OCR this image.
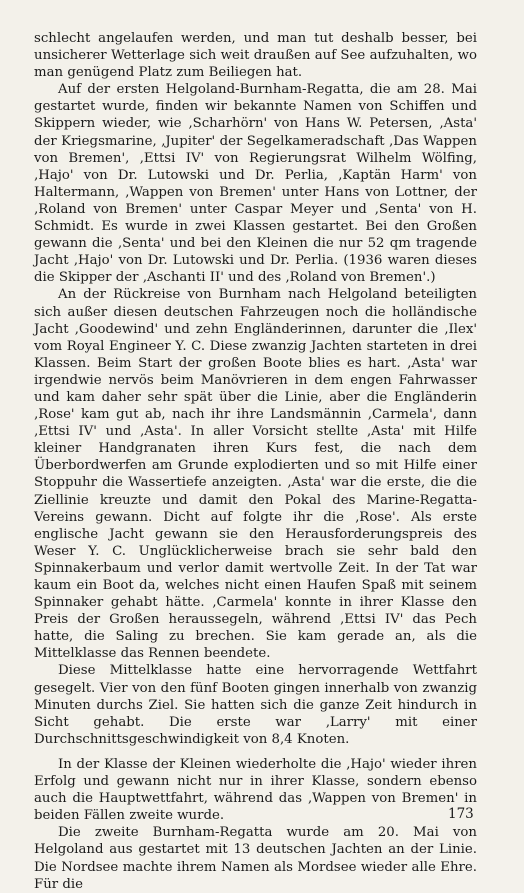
schlecht angelaufen werden, und man tut deshalb besser, bei unsicherer Wetterlage sich weit draußen auf See aufzuhalten, wo man genügend Platz zum Beiliegen hat.

Auf der ersten Helgoland-Burnham-Regatta, die am 28. Mai gestartet wurde, finden wir bekannte Namen von Schiffen und Skippern wieder, wie ‚Scharhörn' von Hans W. Petersen, ‚Asta' der Kriegsmarine, ‚Jupiter' der Segelkameradschaft ‚Das Wappen von Bremen', ‚Ettsi IV' von Regierungsrat Wilhelm Wölfing, ‚Hajo' von Dr. Lutowski und Dr. Perlia, ‚Kaptän Harm' von Haltermann, ‚Wappen von Bremen' unter Hans von Lottner, der ‚Roland von Bremen' unter Caspar Meyer und ‚Senta' von H. Schmidt. Es wurde in zwei Klassen gestartet. Bei den Großen gewann die ‚Senta' und bei den Kleinen die nur 52 qm tragende Jacht ‚Hajo' von Dr. Lutowski und Dr. Perlia. (1936 waren dieses die Skipper der ‚Aschanti II' und des ‚Roland von Bremen'.)

An der Rückreise von Burnham nach Helgoland beteiligten sich außer diesen deutschen Fahrzeugen noch die holländische Jacht ‚Goodewind' und zehn Engländerinnen, darunter die ‚Ilex' vom Royal Engineer Y. C. Diese zwanzig Jachten starteten in drei Klassen. Beim Start der großen Boote blies es hart. ‚Asta' war irgendwie nervös beim Manövrieren in dem engen Fahrwasser und kam daher sehr spät über die Linie, aber die Engländerin ‚Rose' kam gut ab, nach ihr ihre Landsmännin ‚Carmela', dann ‚Ettsi IV' und ‚Asta'. In aller Vorsicht stellte ‚Asta' mit Hilfe kleiner Handgranaten ihren Kurs fest, die nach dem Überbordwerfen am Grunde explodierten und so mit Hilfe einer Stoppuhr die Wassertiefe anzeigten. ‚Asta' war die erste, die die Ziellinie kreuzte und damit den Pokal des Marine-Regatta-Vereins gewann. Dicht auf folgte ihr die ‚Rose'. Als erste englische Jacht gewann sie den Herausforderungspreis des Weser Y. C. Unglücklicherweise brach sie sehr bald den Spinnakerbaum und verlor damit wertvolle Zeit. In der Tat war kaum ein Boot da, welches nicht einen Haufen Spaß mit seinem Spinnaker gehabt hätte. ‚Carmela' konnte in ihrer Klasse den Preis der Großen heraussegeln, während ‚Ettsi IV' das Pech hatte, die Saling zu brechen. Sie kam gerade an, als die Mittelklasse das Rennen beendete.

Diese Mittelklasse hatte eine hervorragende Wettfahrt gesegelt. Vier von den fünf Booten gingen innerhalb von zwanzig Minuten durchs Ziel. Sie hatten sich die ganze Zeit hindurch in Sicht gehabt. Die erste war ‚Larry' mit einer Durchschnittsgeschwindigkeit von 8,4 Knoten.

In der Klasse der Kleinen wiederholte die ‚Hajo' wieder ihren Erfolg und gewann nicht nur in ihrer Klasse, sondern ebenso auch die Hauptwettfahrt, während das ‚Wappen von Bremen' in beiden Fällen zweite wurde.

Die zweite Burnham-Regatta wurde am 20. Mai von Helgoland aus gestartet mit 13 deutschen Jachten an der Linie. Die Nordsee machte ihrem Namen als Mordsee wieder alle Ehre. Für die

173
